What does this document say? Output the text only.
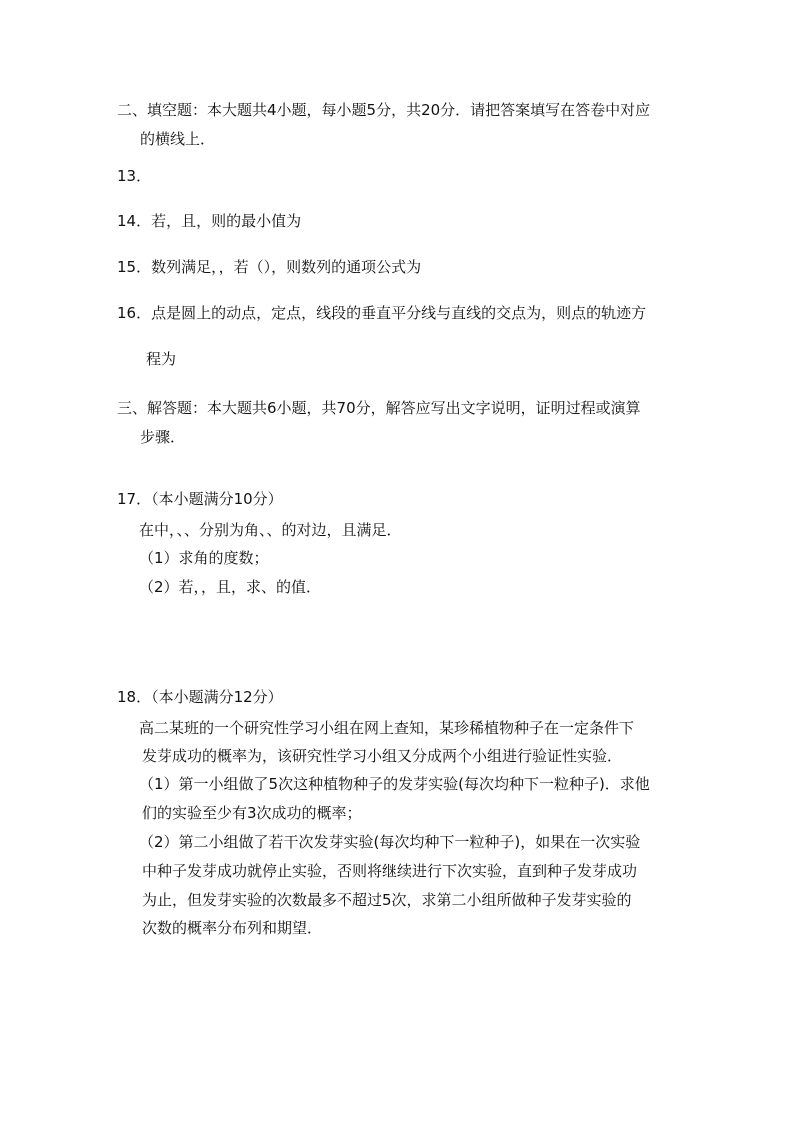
二、填空题：本大题共4小题，每小题5分，共20分．请把答案填写在答卷中对应
的横线上．
13．
14．若，且，则的最小值为
15．数列满足，，若（），则数列的通项公式为
16．点是圆上的动点，定点，线段的垂直平分线与直线的交点为，则点的轨迹方
程为
三、解答题：本大题共6小题，共70分，解答应写出文字说明，证明过程或演算
步骤．
17．（本小题满分10分）
在中，、、分别为角、、的对边，且满足．
（1）求角的度数；
（2）若，，且，求、的值．
18．（本小题满分12分）
高二某班的一个研究性学习小组在网上查知，某珍稀植物种子在一定条件下
发芽成功的概率为，该研究性学习小组又分成两个小组进行验证性实验．
（1）第一小组做了5次这种植物种子的发芽实验(每次均种下一粒种子)．求他
们的实验至少有3次成功的概率；
（2）第二小组做了若干次发芽实验(每次均种下一粒种子)，如果在一次实验
中种子发芽成功就停止实验，否则将继续进行下次实验，直到种子发芽成功
为止，但发芽实验的次数最多不超过5次，求第二小组所做种子发芽实验的
次数的概率分布列和期望．
